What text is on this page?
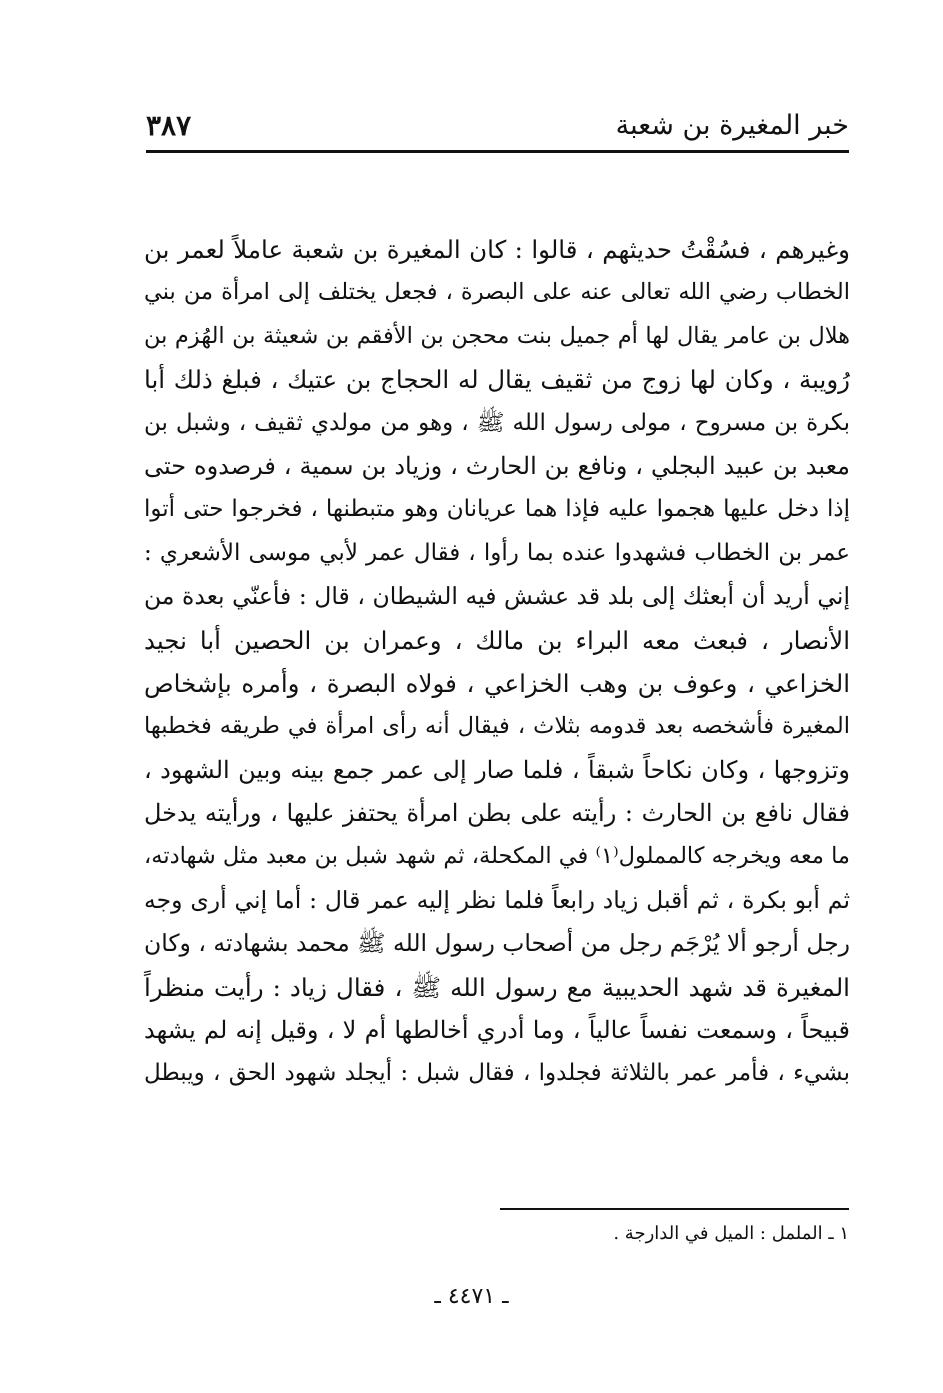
خبر المغيرة بن شعبة
٣٨٧
وغيرهم ، فسُقْتُ حديثهم ، قالوا : كان المغيرة بن شعبة عاملاً لعمر بن
الخطاب رضي الله تعالى عنه على البصرة ، فجعل يختلف إلى امرأة من بني
هلال بن عامر يقال لها أم جميل بنت محجن بن الأفقم بن شعيثة بن الهُزم بن
رُويبة ، وكان لها زوج من ثقيف يقال له الحجاج بن عتيك ، فبلغ ذلك أبا
بكرة بن مسروح ، مولى رسول الله ﷺ ، وهو من مولدي ثقيف ، وشبل بن
معبد بن عبيد البجلي ، ونافع بن الحارث ، وزياد بن سمية ، فرصدوه حتى
إذا دخل عليها هجموا عليه فإذا هما عريانان وهو متبطنها ، فخرجوا حتى أتوا
عمر بن الخطاب فشهدوا عنده بما رأوا ، فقال عمر لأبي موسى الأشعري :
إني أريد أن أبعثك إلى بلد قد عشش فيه الشيطان ، قال : فأعنّي بعدة من
الأنصار ، فبعث معه البراء بن مالك ، وعمران بن الحصين أبا نجيد
الخزاعي ، وعوف بن وهب الخزاعي ، فولاه البصرة ، وأمره بإشخاص
المغيرة فأشخصه بعد قدومه بثلاث ، فيقال أنه رأى امرأة في طريقه فخطبها
وتزوجها ، وكان نكاحاً شبقاً ، فلما صار إلى عمر جمع بينه وبين الشهود ،
فقال نافع بن الحارث : رأيته على بطن امرأة يحتفز عليها ، ورأيته يدخل
ما معه ويخرجه كالمملول⁽١⁾ في المكحلة، ثم شهد شبل بن معبد مثل شهادته،
ثم أبو بكرة ، ثم أقبل زياد رابعاً فلما نظر إليه عمر قال : أما إني أرى وجه
رجل أرجو ألا يُرْجَم رجل من أصحاب رسول الله ﷺ محمد بشهادته ، وكان
المغيرة قد شهد الحديبية مع رسول الله ﷺ ، فقال زياد : رأيت منظراً
قبيحاً ، وسمعت نفساً عالياً ، وما أدري أخالطها أم لا ، وقيل إنه لم يشهد
بشيء ، فأمر عمر بالثلاثة فجلدوا ، فقال شبل : أيجلد شهود الحق ، ويبطل
١ ـ الململ : الميل في الدارجة .
ـ ٤٤٧١ ـ
